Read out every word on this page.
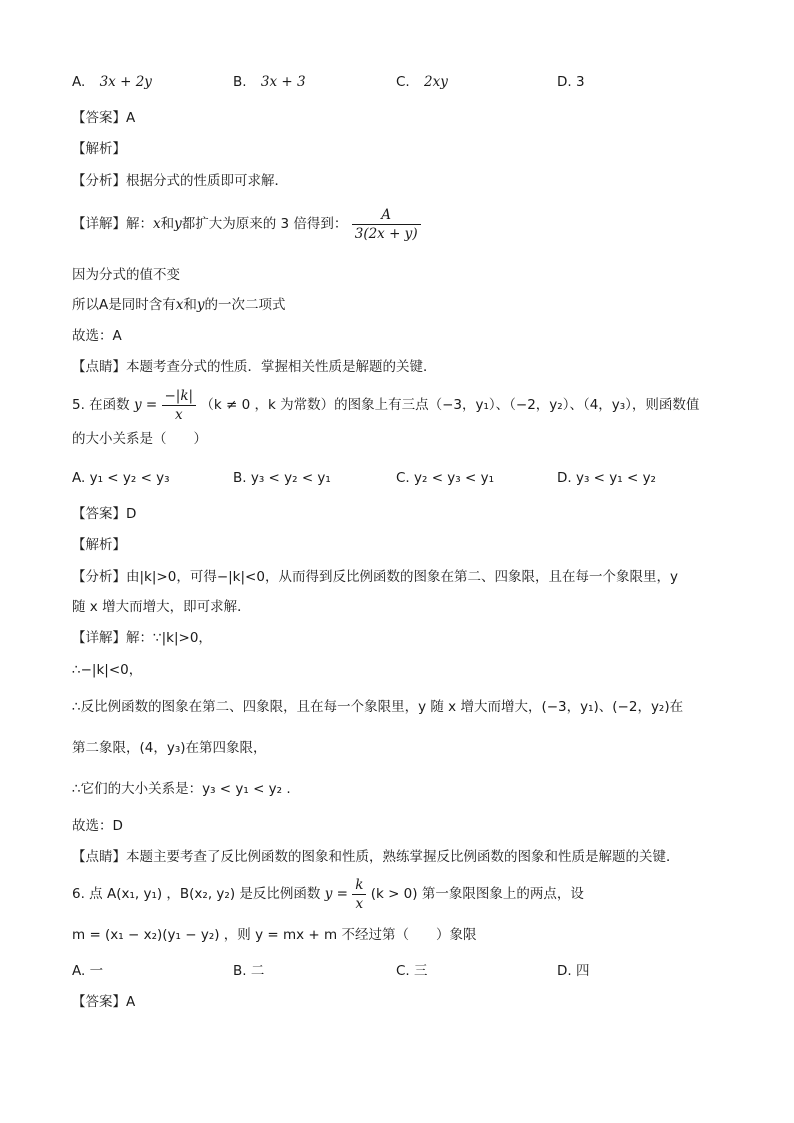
A. 3x + 2y	B. 3x + 3	C. 2xy	D. 3
【答案】A
【解析】
【分析】根据分式的性质即可求解．
【详解】解：x和y都扩大为原来的 3 倍得到： $\frac{A}{3(2x + y)}$
因为分式的值不变
所以A是同时含有x和y的一次二项式
故选：A
【点睛】本题考查分式的性质．掌握相关性质是解题的关键．
5. 在函数 $y = \frac{-|k|}{x} (k \ne 0$ ，k 为常数）的图象上有三点（−3，y₁）、（−2，y₂）、（4，y₃），则函数值
的大小关系是（　　）
A. y₁ < y₂ < y₃	B. y₃ < y₂ < y₁	C. y₂ < y₃ < y₁	D. y₃ < y₁ < y₂
【答案】D
【解析】
【分析】由|k|>0，可得−|k|<0，从而得到反比例函数的图象在第二、四象限，且在每一个象限里，y
随 x 增大而增大，即可求解．
【详解】解：∵|k|>0，
∴−|k|<0，
∴反比例函数的图象在第二、四象限，且在每一个象限里，y 随 x 增大而增大，(−3，y₁)、(−2，y₂)在
第二象限，(4，y₃)在第四象限，
∴它们的大小关系是：y₃ < y₁ < y₂ .
故选：D
【点睛】本题主要考查了反比例函数的图象和性质，熟练掌握反比例函数的图象和性质是解题的关键．
6. 点 A(x₁, y₁) ，B(x₂, y₂) 是反比例函数 $y = \frac{k}{x} (k > 0)$ 第一象限图象上的两点，设
m = (x₁ − x₂)(y₁ − y₂) ，则 y = mx + m 不经过第（　　）象限
A. 一	B. 二	C. 三	D. 四
【答案】A
